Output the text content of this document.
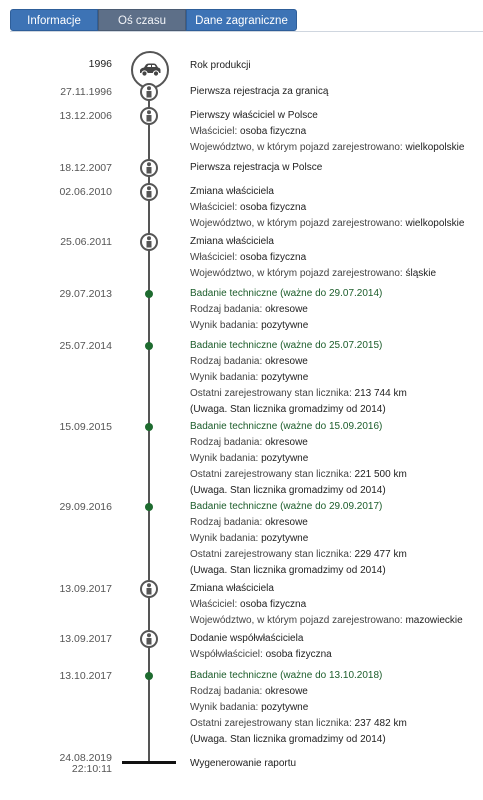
Informacje	Oś czasu	Dane zagraniczne
1996	Rok produkcji
27.11.1996	Pierwsza rejestracja za granicą
13.12.2006	Pierwszy właściciel w Polsce
Właściciel: osoba fizyczna
Województwo, w którym pojazd zarejestrowano: wielkopolskie
18.12.2007	Pierwsza rejestracja w Polsce
02.06.2010	Zmiana właściciela
Właściciel: osoba fizyczna
Województwo, w którym pojazd zarejestrowano: wielkopolskie
25.06.2011	Zmiana właściciela
Właściciel: osoba fizyczna
Województwo, w którym pojazd zarejestrowano: śląskie
29.07.2013	Badanie techniczne (ważne do 29.07.2014)
Rodzaj badania: okresowe
Wynik badania: pozytywne
25.07.2014	Badanie techniczne (ważne do 25.07.2015)
Rodzaj badania: okresowe
Wynik badania: pozytywne
Ostatni zarejestrowany stan licznika: 213 744 km
(Uwaga. Stan licznika gromadzimy od 2014)
15.09.2015	Badanie techniczne (ważne do 15.09.2016)
Rodzaj badania: okresowe
Wynik badania: pozytywne
Ostatni zarejestrowany stan licznika: 221 500 km
(Uwaga. Stan licznika gromadzimy od 2014)
29.09.2016	Badanie techniczne (ważne do 29.09.2017)
Rodzaj badania: okresowe
Wynik badania: pozytywne
Ostatni zarejestrowany stan licznika: 229 477 km
(Uwaga. Stan licznika gromadzimy od 2014)
13.09.2017	Zmiana właściciela
Właściciel: osoba fizyczna
Województwo, w którym pojazd zarejestrowano: mazowieckie
13.09.2017	Dodanie współwłaściciela
Współwłaściciel: osoba fizyczna
13.10.2017	Badanie techniczne (ważne do 13.10.2018)
Rodzaj badania: okresowe
Wynik badania: pozytywne
Ostatni zarejestrowany stan licznika: 237 482 km
(Uwaga. Stan licznika gromadzimy od 2014)
24.08.2019
22:10:11	Wygenerowanie raportu
